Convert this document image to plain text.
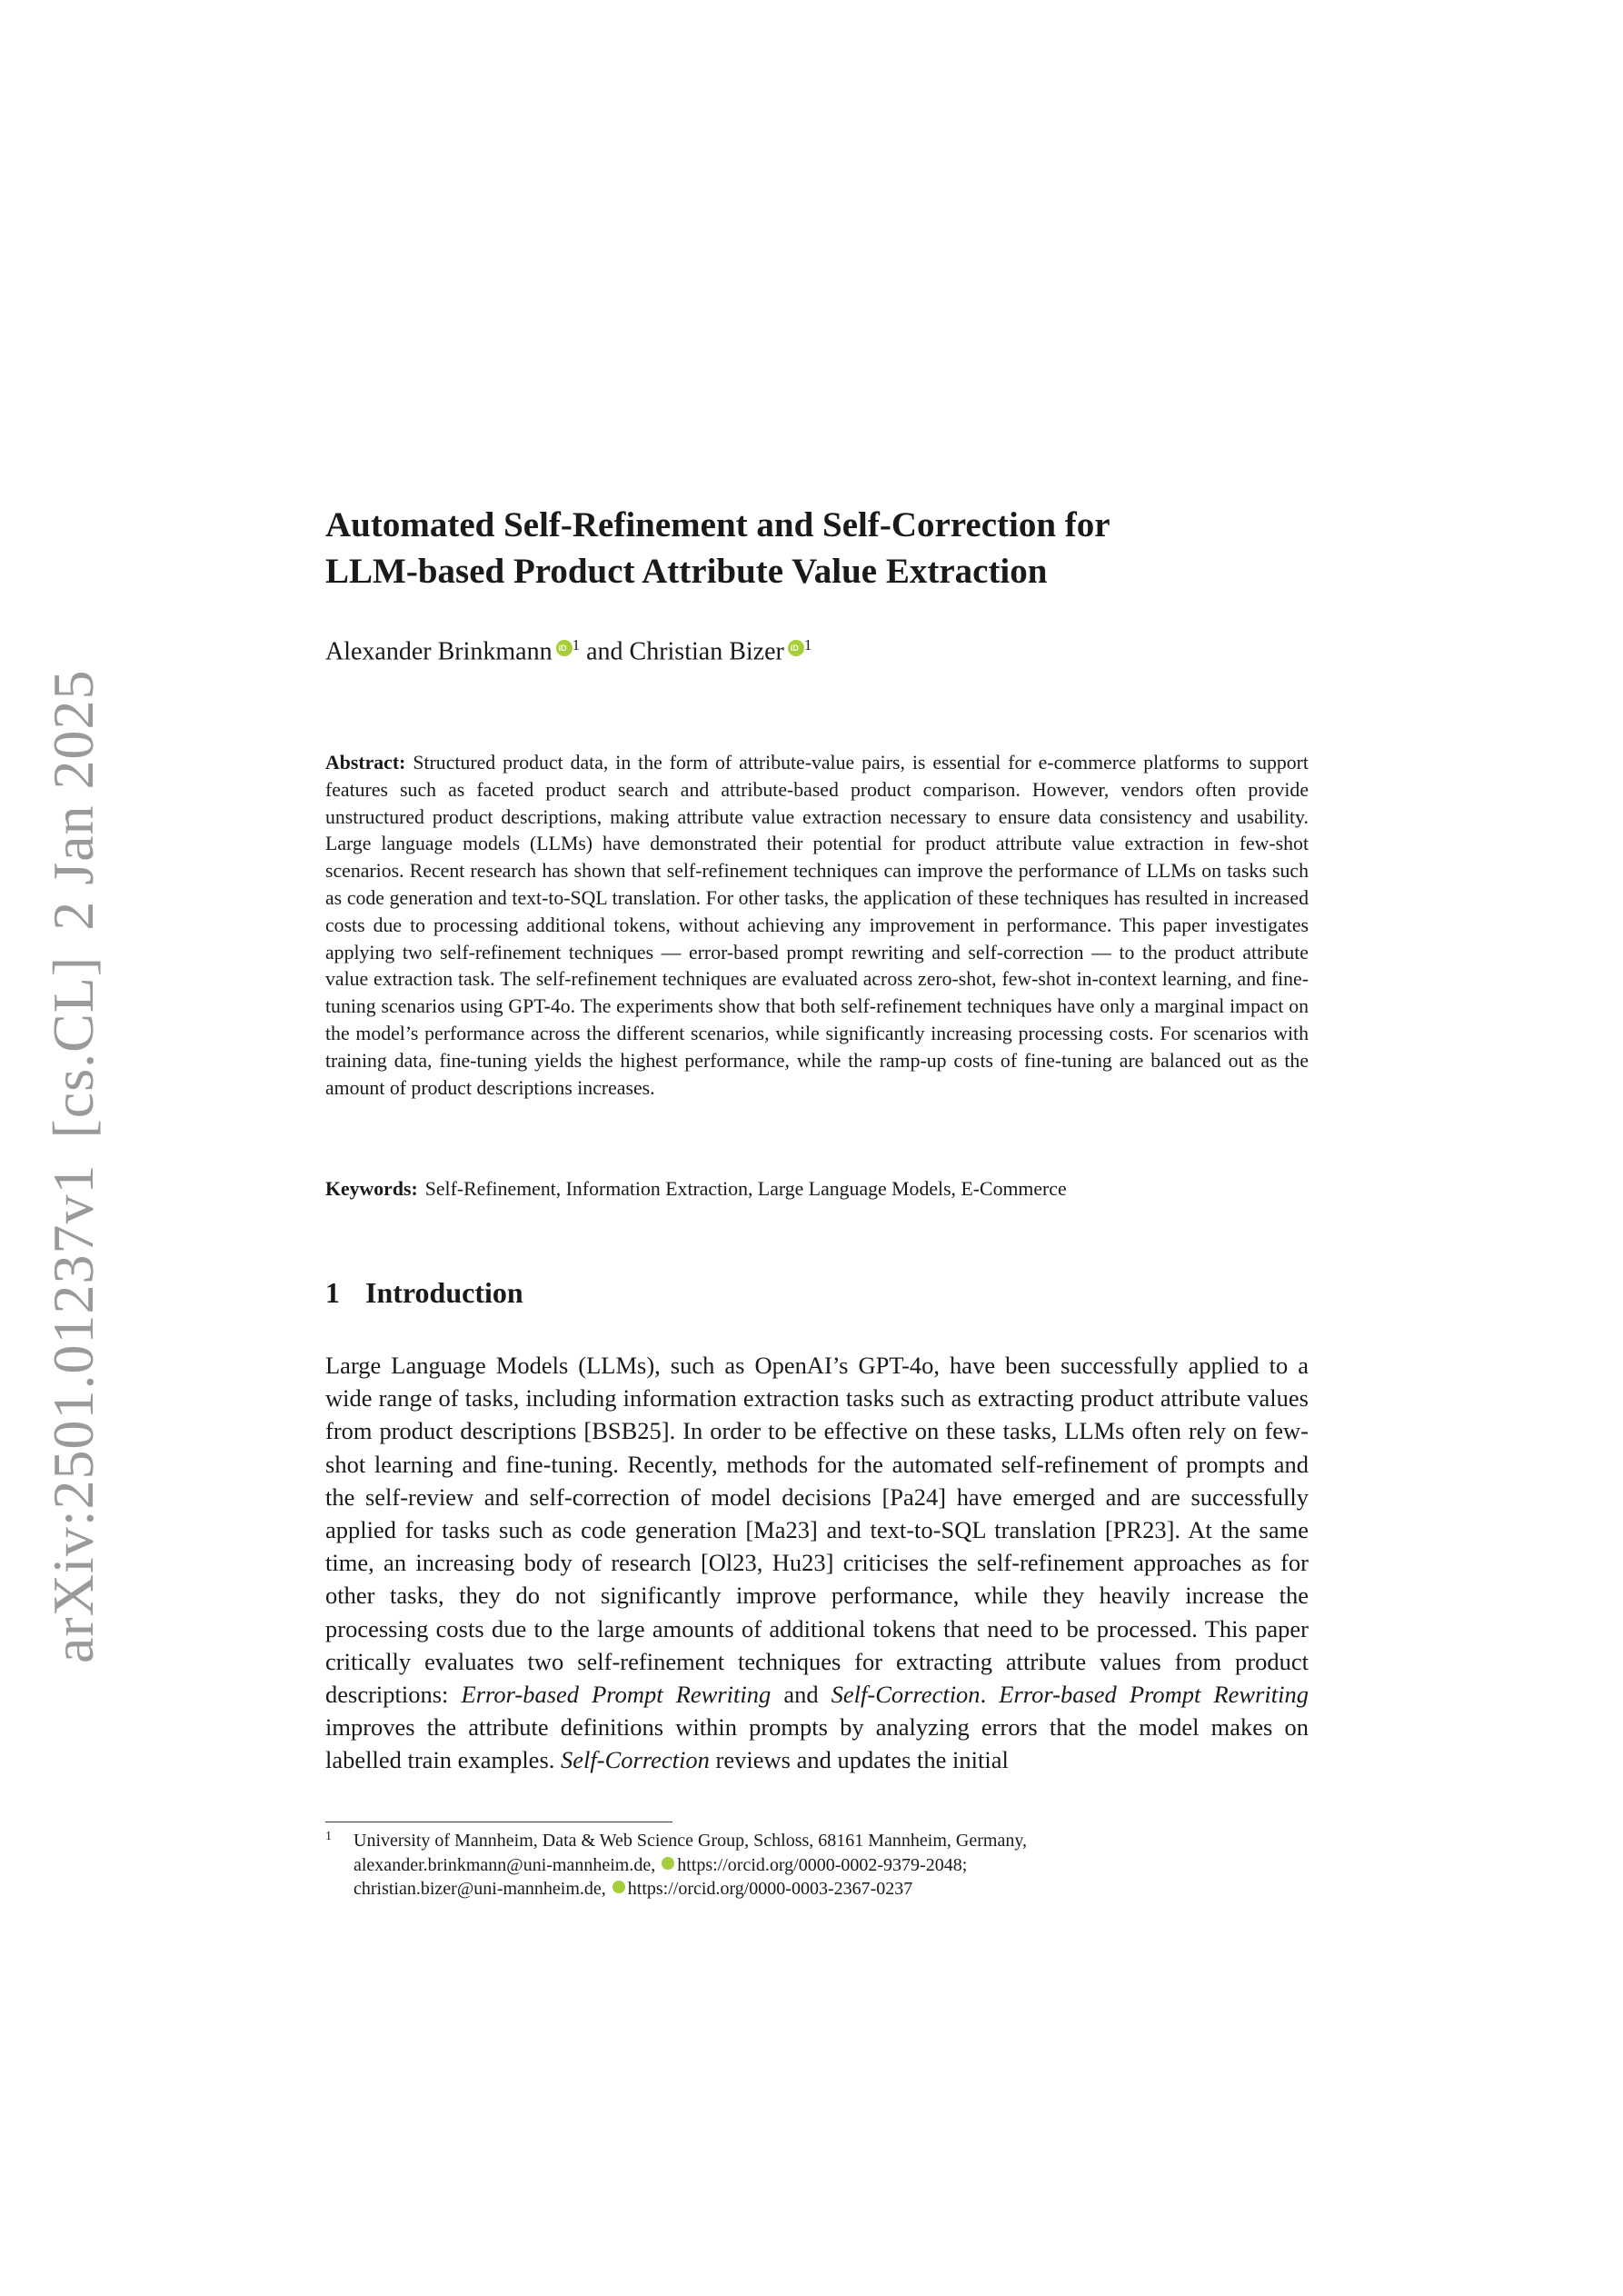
arXiv:2501.01237v1[cs.CL]2 Jan 2025
Automated Self-Refinement and Self-Correction for
LLM-based Product Attribute Value Extraction
Alexander Brinkmann iD $^1$ and Christian Bizer iD $^1$
Abstract: Structured product data, in the form of attribute-value pairs, is essential for e-commerce platforms to support features such as faceted product search and attribute-based product comparison. However, vendors often provide unstructured product descriptions, making attribute value extraction necessary to ensure data consistency and usability. Large language models (LLMs) have demonstrated their potential for product attribute value extraction in few-shot scenarios. Recent research has shown that self-refinement techniques can improve the performance of LLMs on tasks such as code generation and text-to-SQL translation. For other tasks, the application of these techniques has resulted in increased costs due to processing additional tokens, without achieving any improvement in performance. This paper investigates applying two self-refinement techniques — error-based prompt rewriting and self-correction — to the product attribute value extraction task. The self-refinement techniques are evaluated across zero-shot, few-shot in-context learning, and fine-tuning scenarios using GPT-4o. The experiments show that both self-refinement techniques have only a marginal impact on the model’s performance across the different scenarios, while significantly increasing processing costs. For scenarios with training data, fine-tuning yields the highest performance, while the ramp-up costs of fine-tuning are balanced out as the amount of product descriptions increases.
Keywords: Self-Refinement, Information Extraction, Large Language Models, E-Commerce
1 Introduction
Large Language Models (LLMs), such as OpenAI’s GPT-4o, have been successfully applied to a wide range of tasks, including information extraction tasks such as extracting product attribute values from product descriptions [BSB25]. In order to be effective on these tasks, LLMs often rely on few-shot learning and fine-tuning. Recently, methods for the automated self-refinement of prompts and the self-review and self-correction of model decisions [Pa24] have emerged and are successfully applied for tasks such as code generation [Ma23] and text-to-SQL translation [PR23]. At the same time, an increasing body of research [Ol23, Hu23] criticises the self-refinement approaches as for other tasks, they do not significantly improve performance, while they heavily increase the processing costs due to the large amounts of additional tokens that need to be processed. This paper critically evaluates two self-refinement techniques for extracting attribute values from product descriptions: Error-based Prompt Rewriting and Self-Correction. Error-based Prompt Rewriting improves the attribute definitions within prompts by analyzing errors that the model makes on labelled train examples. Self-Correction reviews and updates the initial
1 University of Mannheim, Data & Web Science Group, Schloss, 68161 Mannheim, Germany,
alexander.brinkmann@uni-mannheim.de, https://orcid.org/0000-0002-9379-2048;
christian.bizer@uni-mannheim.de, https://orcid.org/0000-0003-2367-0237
